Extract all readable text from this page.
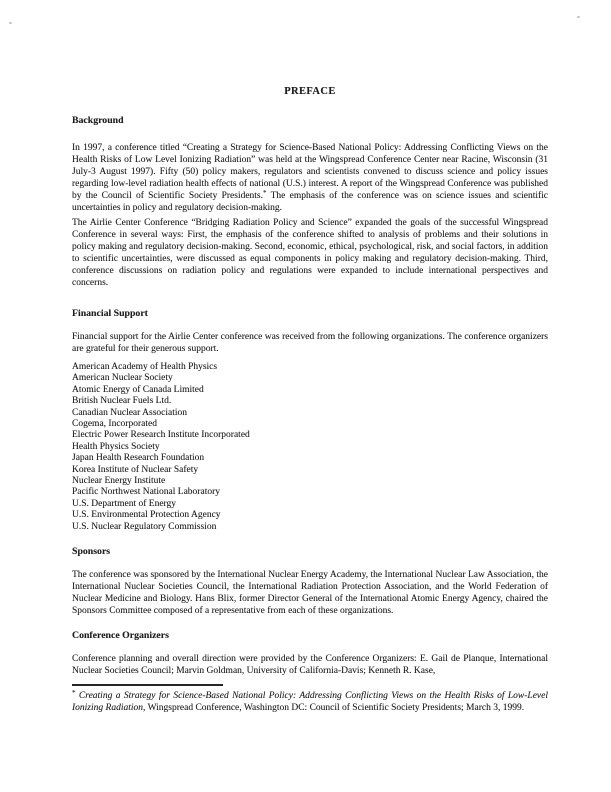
PREFACE
Background

In 1997, a conference titled “Creating a Strategy for Science-Based National Policy: Addressing Conflicting Views on the Health Risks of Low Level Ionizing Radiation” was held at the Wingspread Conference Center near Racine, Wisconsin (31 July-3 August 1997). Fifty (50) policy makers, regulators and scientists convened to discuss science and policy issues regarding low-level radiation health effects of national (U.S.) interest. A report of the Wingspread Conference was published by the Council of Scientific Society Presidents.* The emphasis of the conference was on science issues and scientific uncertainties in policy and regulatory decision-making.

The Airlie Center Conference “Bridging Radiation Policy and Science” expanded the goals of the successful Wingspread Conference in several ways: First, the emphasis of the conference shifted to analysis of problems and their solutions in policy making and regulatory decision-making. Second, economic, ethical, psychological, risk, and social factors, in addition to scientific uncertainties, were discussed as equal components in policy making and regulatory decision-making. Third, conference discussions on radiation policy and regulations were expanded to include international perspectives and concerns.

Financial Support

Financial support for the Airlie Center conference was received from the following organizations. The conference organizers are grateful for their generous support.

American Academy of Health Physics
American Nuclear Society
Atomic Energy of Canada Limited
British Nuclear Fuels Ltd.
Canadian Nuclear Association
Cogema, Incorporated
Electric Power Research Institute Incorporated
Health Physics Society
Japan Health Research Foundation
Korea Institute of Nuclear Safety
Nuclear Energy Institute
Pacific Northwest National Laboratory
U.S. Department of Energy
U.S. Environmental Protection Agency
U.S. Nuclear Regulatory Commission
Sponsors

The conference was sponsored by the International Nuclear Energy Academy, the International Nuclear Law Association, the International Nuclear Societies Council, the International Radiation Protection Association, and the World Federation of Nuclear Medicine and Biology. Hans Blix, former Director General of the International Atomic Energy Agency, chaired the Sponsors Committee composed of a representative from each of these organizations.

Conference Organizers

Conference planning and overall direction were provided by the Conference Organizers: E. Gail de Planque, International Nuclear Societies Council; Marvin Goldman, University of California-Davis; Kenneth R. Kase,

* Creating a Strategy for Science-Based National Policy: Addressing Conflicting Views on the Health Risks of Low-Level Ionizing Radiation, Wingspread Conference, Washington DC: Council of Scientific Society Presidents; March 3, 1999.
